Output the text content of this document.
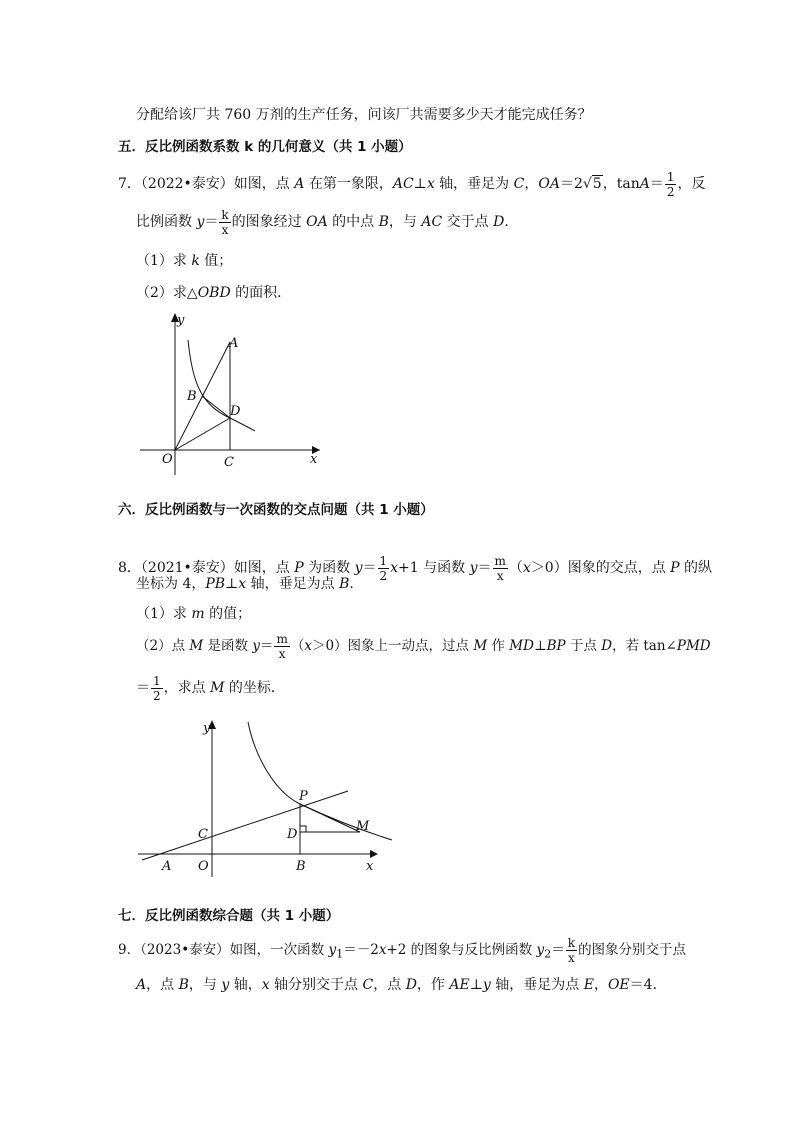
分配给该厂共 760 万剂的生产任务，问该厂共需要多少天才能完成任务？
五．反比例函数系数 k 的几何意义（共 1 小题）
7．（2022•泰安）如图，点 A 在第一象限，AC⊥x 轴，垂足为 C，OA＝2√5，$\tan A= \frac{1}{2}$ ，反
比例函数 $y= \frac{k}{x}$ 的图象经过 OA 的中点 B，与 AC 交于点 D.
（1）求 k 值；
（2）求△OBD 的面积．
y
x
A
B
D
O	C
六．反比例函数与一次函数的交点问题（共 1 小题）
8．（2021•泰安）如图，点 P 为函数 $y= \frac{1}{2} x+1$ 与函数 $y= \frac{m}{x} (x>0)$图象的交点，点 P 的纵
坐标为 4，PB⊥x 轴，垂足为点 B.
（1）求 m 的值；
（2）点 M 是函数 $y= \frac{m}{x} (x>0)$图象上一动点，过点 M 作 MD⊥BP 于点 D，若 tan∠PMD
＝ $\frac{1}{2}$ ，求点 M 的坐标．
y
x
P
M
C	D
A O	B
七．反比例函数综合题（共 1 小题）
9．（2023•泰安）如图，一次函数 $y_1=-2x+2$ 的图象与反比例函数 $y_2= \frac{k}{x}$ 的图象分别交于点
A，点 B，与 y 轴，x 轴分别交于点 C，点 D，作 AE⊥y 轴，垂足为点 E，OE＝4．
